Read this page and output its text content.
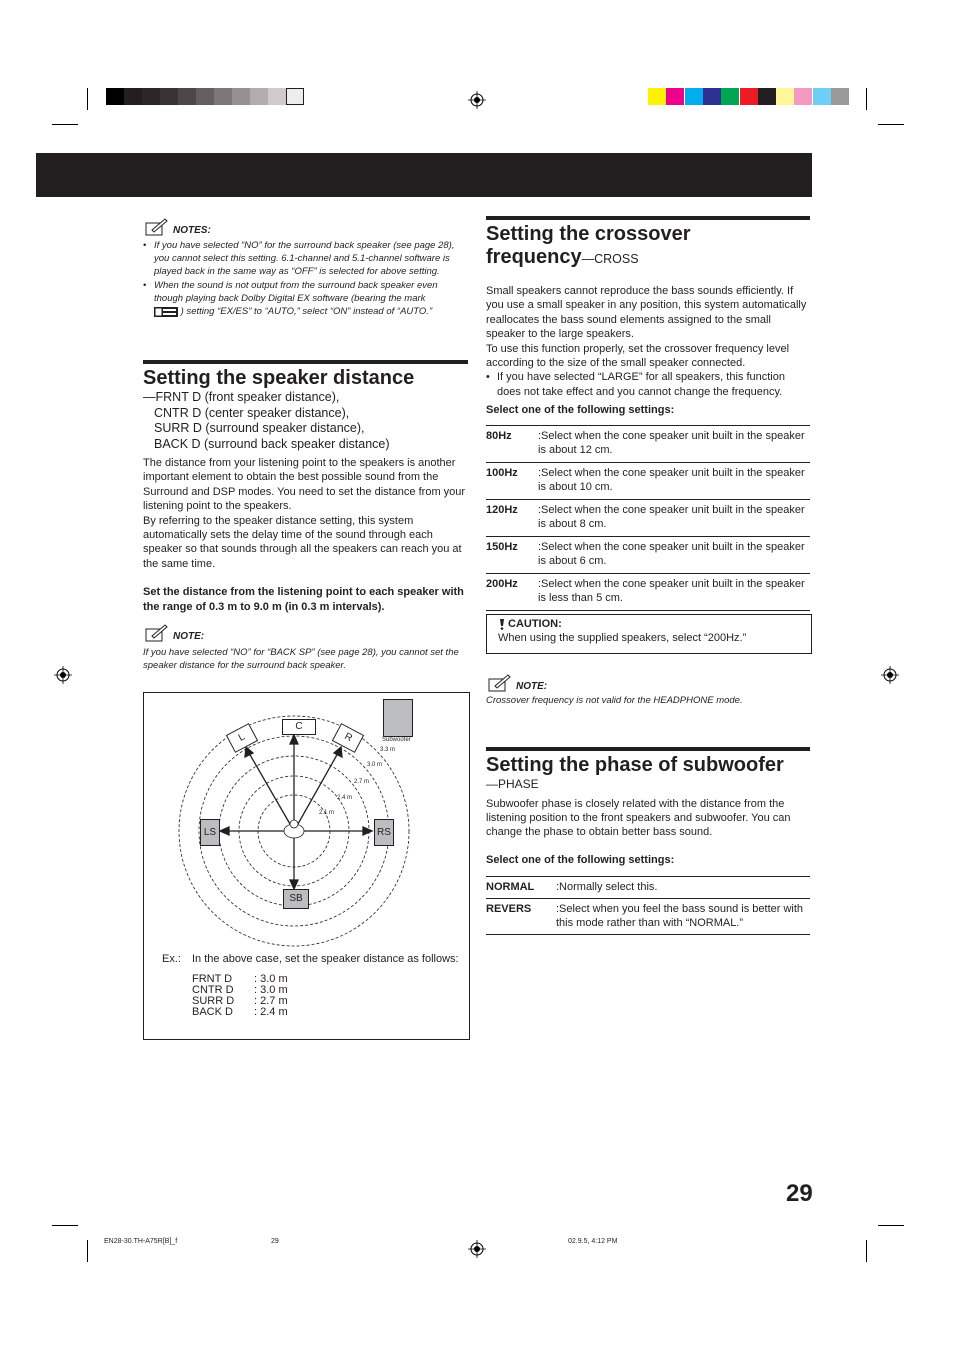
NOTES:
• If you have selected “NO” for the surround back speaker (see page 28), you cannot select this setting. 6.1-channel and 5.1-channel software is played back in the same way as “OFF” is selected for above setting.
• When the sound is not output from the surround back speaker even though playing back Dolby Digital EX software (bearing the mark
) setting “EX/ES” to “AUTO,” select “ON” instead of “AUTO.”
Setting the speaker distance
—FRNT D (front speaker distance),
CNTR D (center speaker distance),
SURR D (surround speaker distance),
BACK D (surround back speaker distance)
The distance from your listening point to the speakers is another important element to obtain the best possible sound from the Surround and DSP modes. You need to set the distance from your listening point to the speakers.
By referring to the speaker distance setting, this system automatically sets the delay time of the sound through each speaker so that sounds through all the speakers can reach you at the same time.
Set the distance from the listening point to each speaker with the range of 0.3 m to 9.0 m (in 0.3 m intervals).
NOTE:
If you have selected “NO” for “BACK SP” (see page 28), you cannot set the speaker distance for the surround back speaker.
C
L	R
LS	RS
SB
Subwoofer
3.3 m
3.0 m
2.7 m
2.4 m
2.1 m
Ex.:	In the above case, set the speaker distance as follows:
FRNT D	: 3.0 m
CNTR D	: 3.0 m
SURR D	: 2.7 m
BACK D	: 2.4 m
Setting the crossover
frequency—CROSS
Small speakers cannot reproduce the bass sounds efficiently. If you use a small speaker in any position, this system automatically reallocates the bass sound elements assigned to the small speaker to the large speakers.
To use this function properly, set the crossover frequency level according to the size of the small speaker connected.
• If you have selected “LARGE” for all speakers, this function does not take effect and you cannot change the frequency.
Select one of the following settings:
80Hz	:Select when the cone speaker unit built in the speaker is about 12 cm.
100Hz	:Select when the cone speaker unit built in the speaker is about 10 cm.
120Hz	:Select when the cone speaker unit built in the speaker is about 8 cm.
150Hz	:Select when the cone speaker unit built in the speaker is about 6 cm.
200Hz	:Select when the cone speaker unit built in the speaker is less than 5 cm.
CAUTION:
When using the supplied speakers, select “200Hz.”
NOTE:
Crossover frequency is not valid for the HEADPHONE mode.
Setting the phase of subwoofer
—PHASE
Subwoofer phase is closely related with the distance from the listening position to the front speakers and subwoofer. You can change the phase to obtain better bass sound.
Select one of the following settings:
NORMAL	:Normally select this.
REVERS	:Select when you feel the bass sound is better with this mode rather than with “NORMAL.”
29
EN28-30.TH-A75R[B]_f	29	02.9.5, 4:12 PM
